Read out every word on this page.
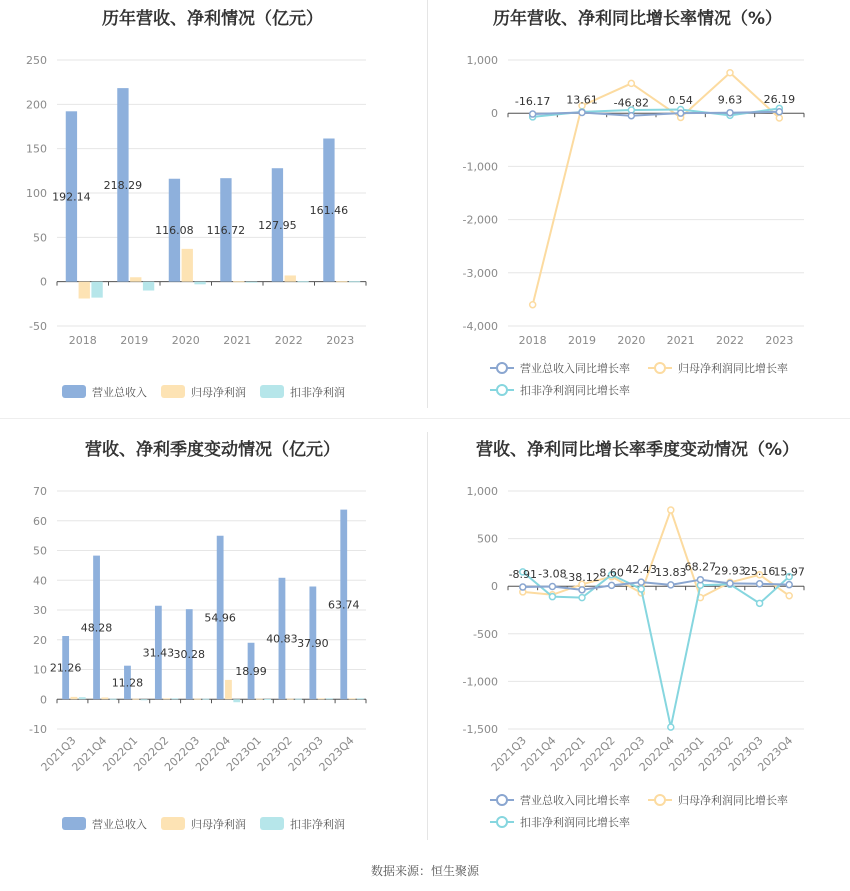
历年营收、净利情况（亿元）	历年营收、净利同比增长率情况（%）
营收、净利季度变动情况（亿元）	营收、净利同比增长率季度变动情况（%）
-50
0
50
100
150
200
250
2018 2019 2020 2021 2022 2023
192.14
218.29
116.08 116.72 127.95
161.46
营业总收入	归母净利润	扣非净利润
-4,000
-3,000
-2,000
-1,000
0
1,000
2018 2019 2020 2021 2022 2023
-16.17 13.61 -46.82 0.54 9.63 26.19
营业总收入同比增长率	归母净利润同比增长率
扣非净利润同比增长率
-10
0
10
20
30
40
50
60
70
2021Q3
2021Q4
2022Q1
2022Q2
2022Q3
2022Q4
2023Q1
2023Q2
2023Q3
2023Q4
21.26
48.28
11.28
31.43 30.28
54.96
18.99
40.83 37.90
63.74
营业总收入	归母净利润	扣非净利润
-1,500
-1,000
-500
0
500
1,000
2021Q3
2021Q4
2022Q1
2022Q2
2022Q3
2022Q4
2023Q1
2023Q2
2023Q3
2023Q4
-8.91 -3.08
-38.12 8.60 42.43
13.83
68.27
29.93
25.16
15.97
营业总收入同比增长率	归母净利润同比增长率
扣非净利润同比增长率
数据来源：恒生聚源
